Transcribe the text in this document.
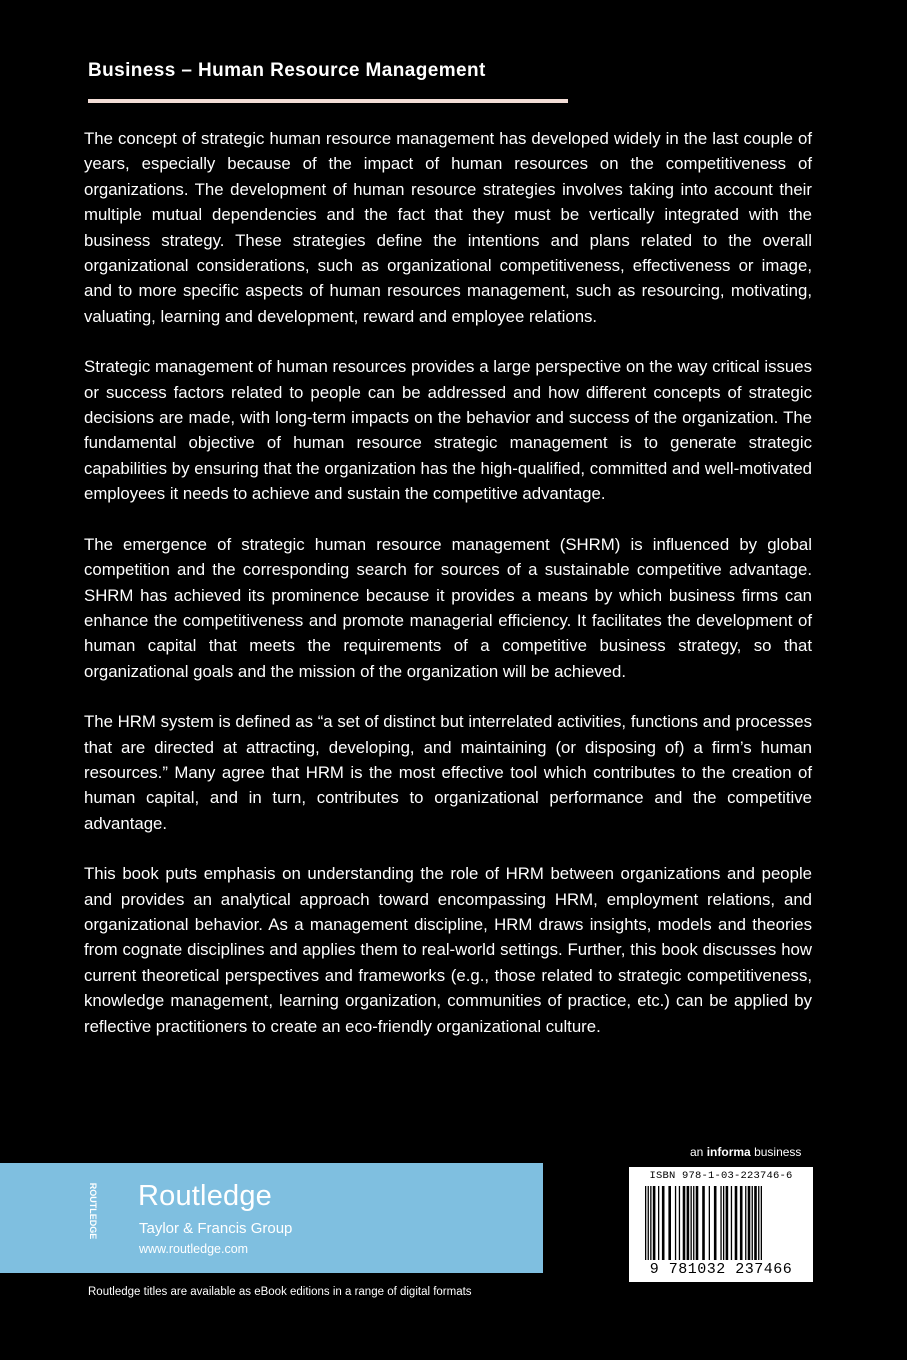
Business – Human Resource Management

The concept of strategic human resource management has developed widely in the last couple of years, especially because of the impact of human resources on the competitiveness of organizations. The development of human resource strategies involves taking into account their multiple mutual dependencies and the fact that they must be vertically integrated with the business strategy. These strategies define the intentions and plans related to the overall organizational considerations, such as organizational competitiveness, effectiveness or image, and to more specific aspects of human resources management, such as resourcing, motivating, valuating, learning and development, reward and employee relations.

Strategic management of human resources provides a large perspective on the way critical issues or success factors related to people can be addressed and how different concepts of strategic decisions are made, with long-term impacts on the behavior and success of the organization. The fundamental objective of human resource strategic management is to generate strategic capabilities by ensuring that the organization has the high-qualified, committed and well-motivated employees it needs to achieve and sustain the competitive advantage.

The emergence of strategic human resource management (SHRM) is influenced by global competition and the corresponding search for sources of a sustainable competitive advantage. SHRM has achieved its prominence because it provides a means by which business firms can enhance the competitiveness and promote managerial efficiency. It facilitates the development of human capital that meets the requirements of a competitive business strategy, so that organizational goals and the mission of the organization will be achieved.

The HRM system is defined as “a set of distinct but interrelated activities, functions and processes that are directed at attracting, developing, and maintaining (or disposing of) a firm’s human resources.” Many agree that HRM is the most effective tool which contributes to the creation of human capital, and in turn, contributes to organizational performance and the competitive advantage.

This book puts emphasis on understanding the role of HRM between organizations and people and provides an analytical approach toward encompassing HRM, employment relations, and organizational behavior. As a management discipline, HRM draws insights, models and theories from cognate disciplines and applies them to real-world settings. Further, this book discusses how current theoretical perspectives and frameworks (e.g., those related to strategic competitiveness, knowledge management, learning organization, communities of practice, etc.) can be applied by reflective practitioners to create an eco-friendly organizational culture.

ROUTLEDGE Routledge
Taylor & Francis Group
www.routledge.com
an informa business
ISBN 978-1-03-223746-6
9 781032 237466
Routledge titles are available as eBook editions in a range of digital formats
